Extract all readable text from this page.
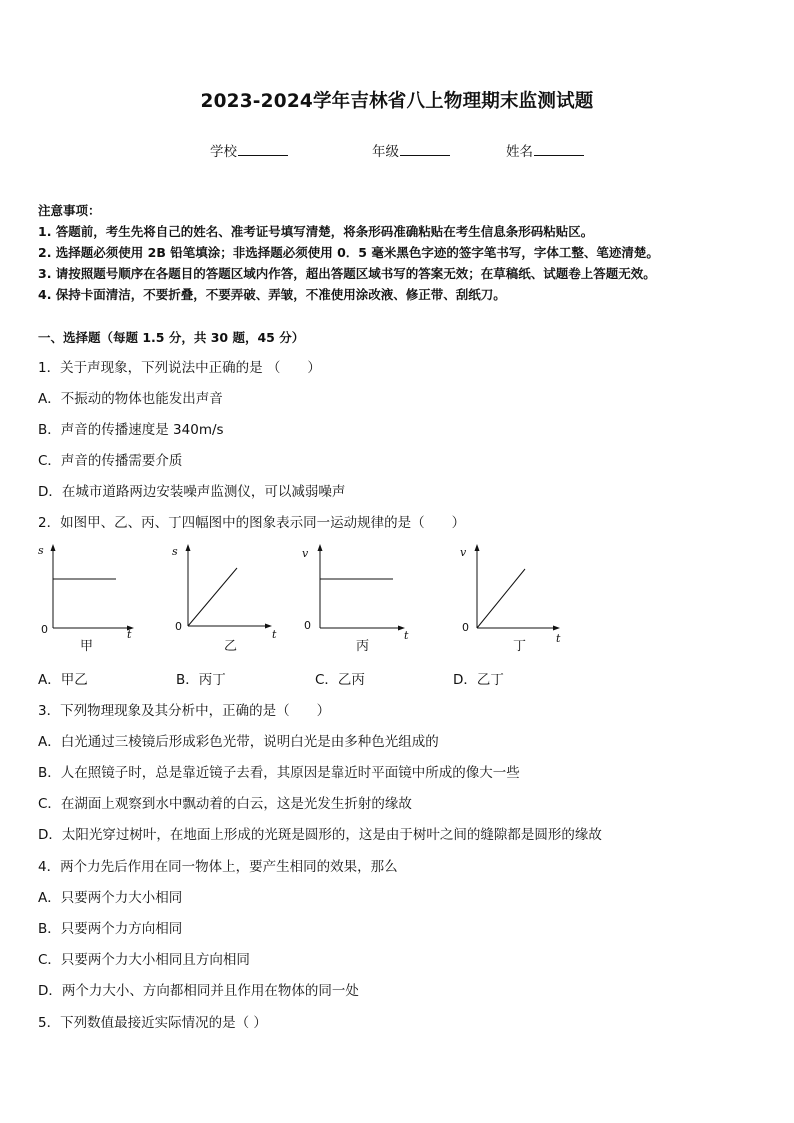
2023-2024学年吉林省八上物理期末监测试题
学校	年级	姓名
注意事项：
1. 答题前，考生先将自己的姓名、准考证号填写清楚，将条形码准确粘贴在考生信息条形码粘贴区。
2. 选择题必须使用 2B 铅笔填涂；非选择题必须使用 0．5 毫米黑色字迹的签字笔书写，字体工整、笔迹清楚。
3. 请按照题号顺序在各题目的答题区域内作答，超出答题区域书写的答案无效；在草稿纸、试题卷上答题无效。
4. 保持卡面清洁，不要折叠，不要弄破、弄皱，不准使用涂改液、修正带、刮纸刀。
一、选择题（每题 1.5 分，共 30 题，45 分）
1．关于声现象，下列说法中正确的是 （　　）
A．不振动的物体也能发出声音
B．声音的传播速度是 340m/s
C．声音的传播需要介质
D．在城市道路两边安装噪声监测仪，可以减弱噪声
2．如图甲、乙、丙、丁四幅图中的图象表示同一运动规律的是（　　）
s
t
0
甲
s
t
0
乙
v
t
0
丙
v
t
0
丁
A．甲乙	B．丙丁	C．乙丙	D．乙丁
3．下列物理现象及其分析中，正确的是（　　）
A．白光通过三棱镜后形成彩色光带，说明白光是由多种色光组成的
B．人在照镜子时，总是靠近镜子去看，其原因是靠近时平面镜中所成的像大一些
C．在湖面上观察到水中飘动着的白云，这是光发生折射的缘故
D．太阳光穿过树叶，在地面上形成的光斑是圆形的，这是由于树叶之间的缝隙都是圆形的缘故
4．两个力先后作用在同一物体上，要产生相同的效果，那么
A．只要两个力大小相同
B．只要两个力方向相同
C．只要两个力大小相同且方向相同
D．两个力大小、方向都相同并且作用在物体的同一处
5．下列数值最接近实际情况的是（ ）
